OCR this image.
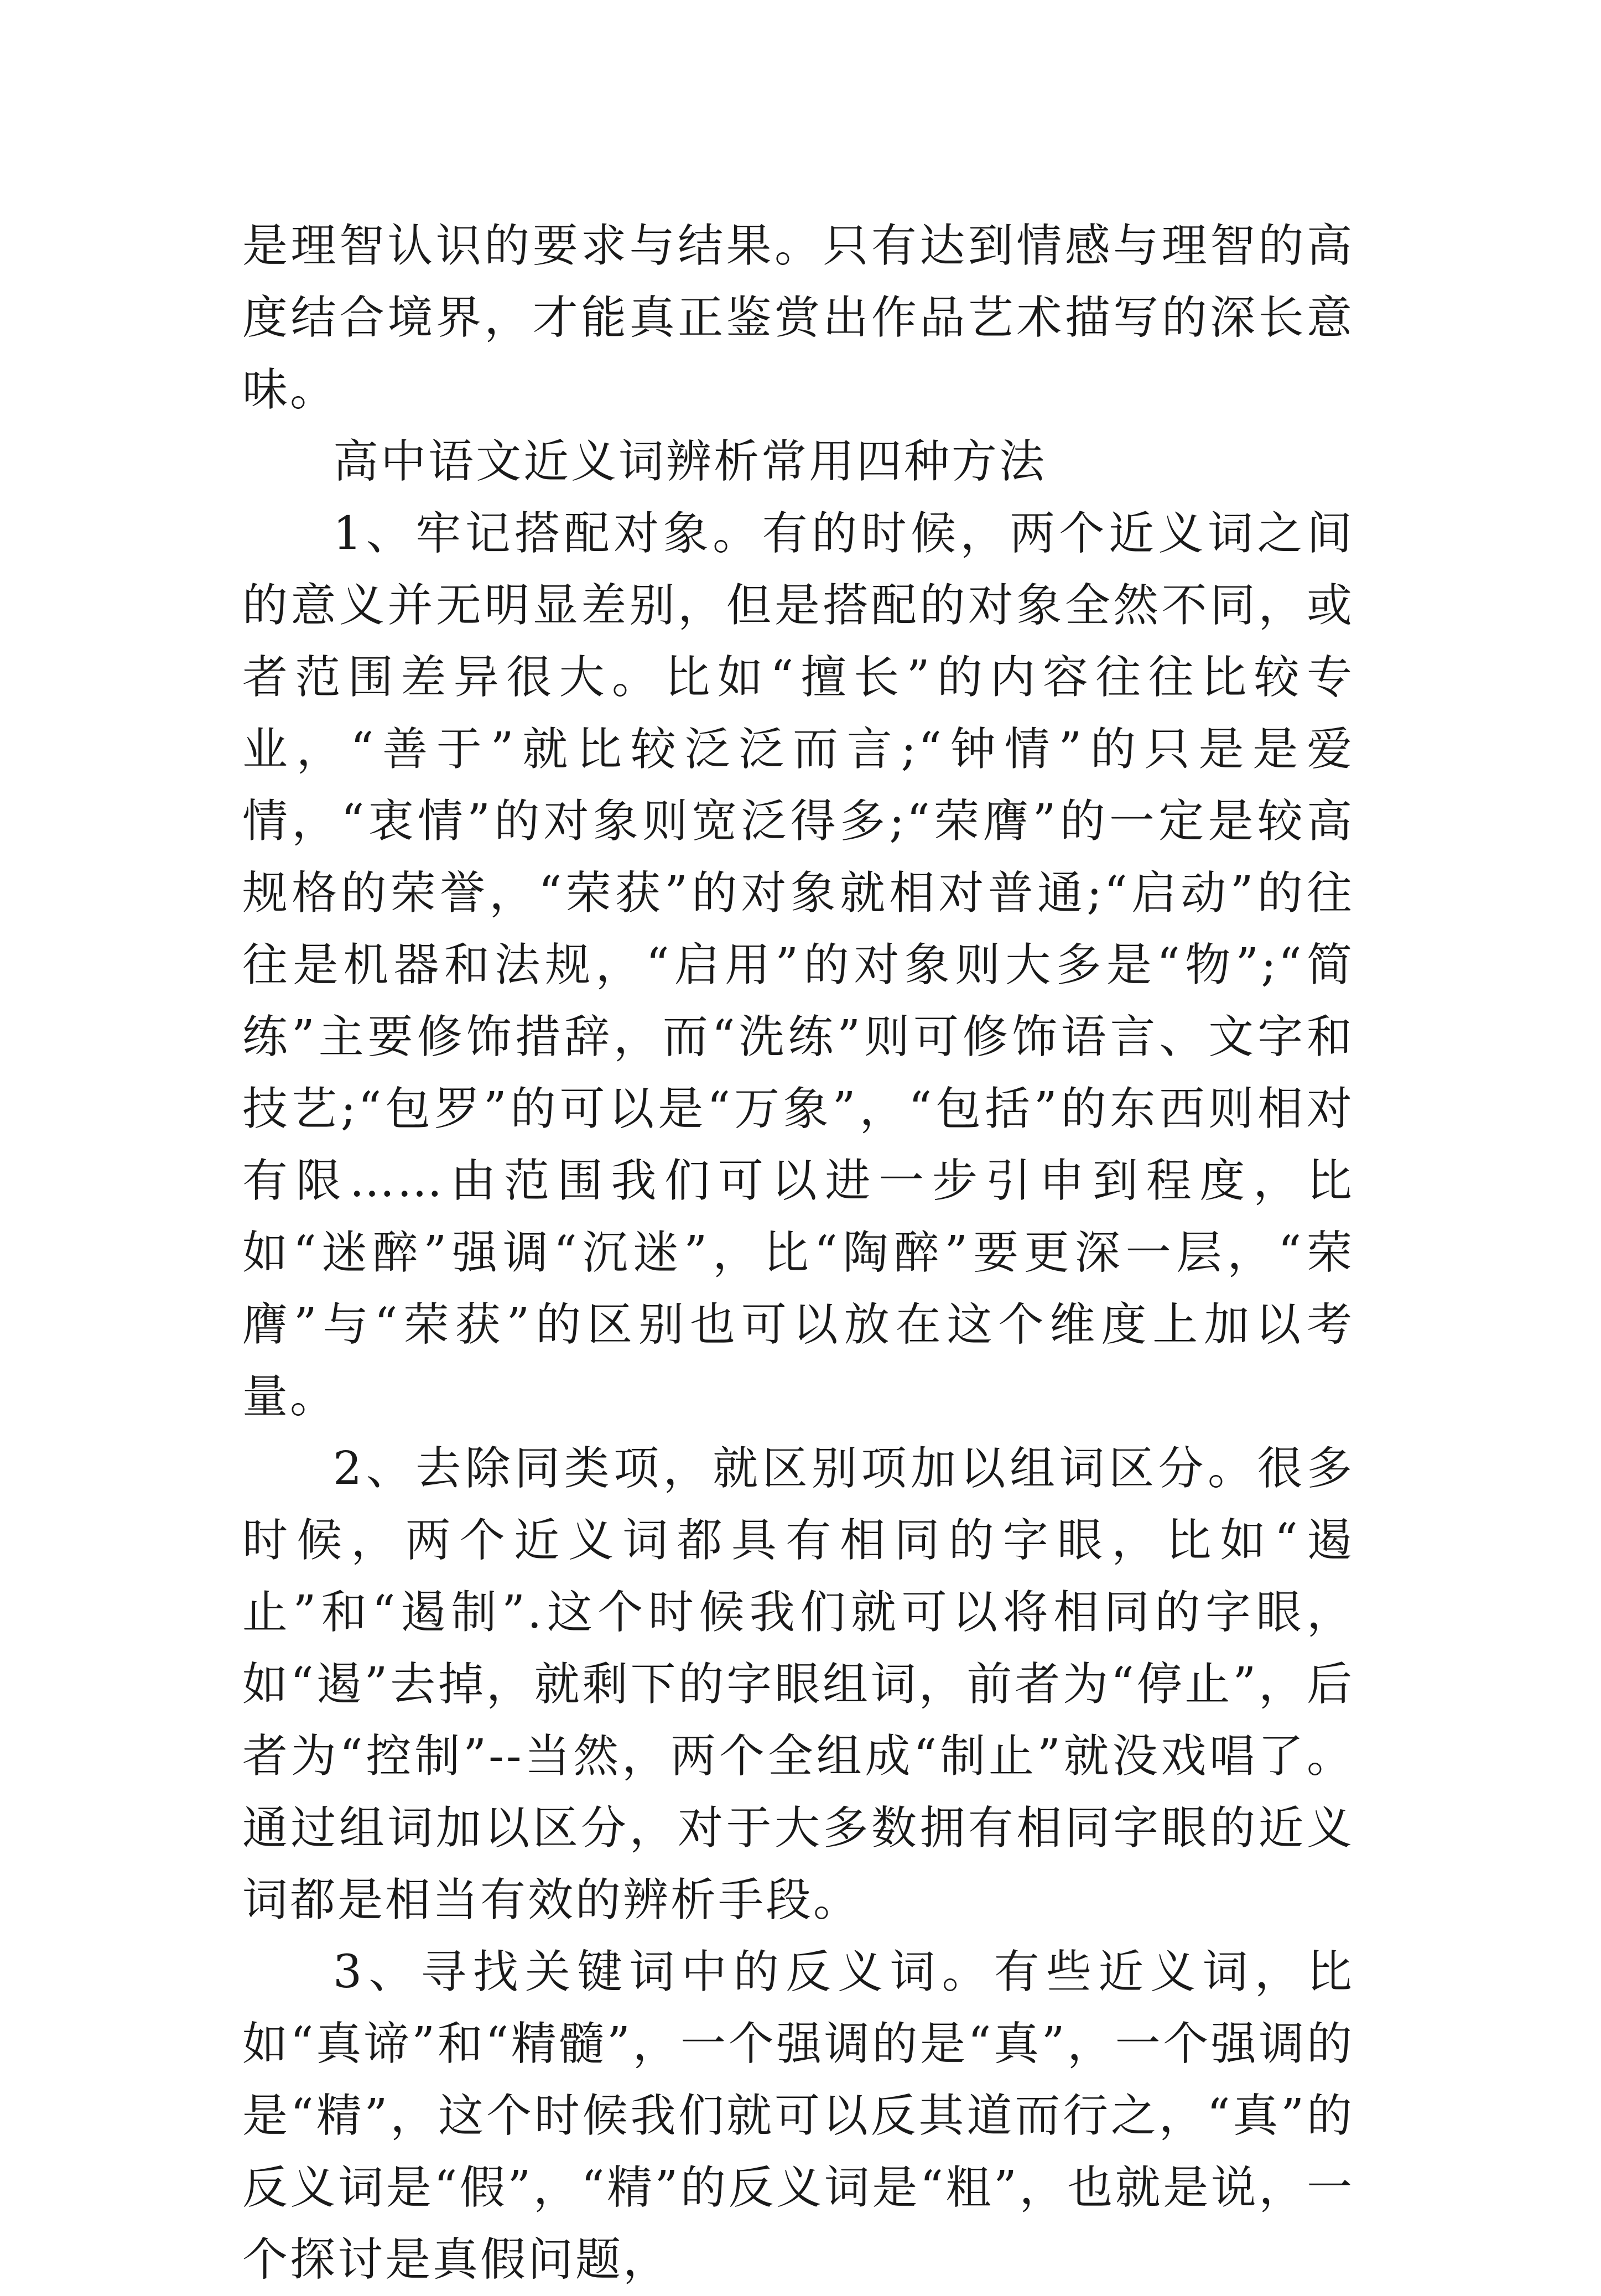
是理智认识的要求与结果。只有达到情感与理智的高度结合境界，才能真正鉴赏出作品艺术描写的深长意味。

高中语文近义词辨析常用四种方法

1、牢记搭配对象。有的时候，两个近义词之间的意义并无明显差别，但是搭配的对象全然不同，或者范围差异很大。比如“擅长”的内容往往比较专业，“善于”就比较泛泛而言;“钟情”的只是是爱情，“衷情”的对象则宽泛得多;“荣膺”的一定是较高规格的荣誉，“荣获”的对象就相对普通;“启动”的往往是机器和法规，“启用”的对象则大多是“物”;“简练”主要修饰措辞，而“洗练”则可修饰语言、文字和技艺;“包罗”的可以是“万象”，“包括”的东西则相对有限……由范围我们可以进一步引申到程度，比如“迷醉”强调“沉迷”，比“陶醉”要更深一层，“荣膺”与“荣获”的区别也可以放在这个维度上加以考量。

2、去除同类项，就区别项加以组词区分。很多时候，两个近义词都具有相同的字眼，比如“遏止”和“遏制”.这个时候我们就可以将相同的字眼，如“遏”去掉，就剩下的字眼组词，前者为“停止”，后者为“控制”--当然，两个全组成“制止”就没戏唱了。通过组词加以区分，对于大多数拥有相同字眼的近义词都是相当有效的辨析手段。

3、寻找关键词中的反义词。有些近义词，比如“真谛”和“精髓”，一个强调的是“真”，一个强调的是“精”，这个时候我们就可以反其道而行之，“真”的反义词是“假”，“精”的反义词是“粗”，也就是说，一个探讨是真假问题，
